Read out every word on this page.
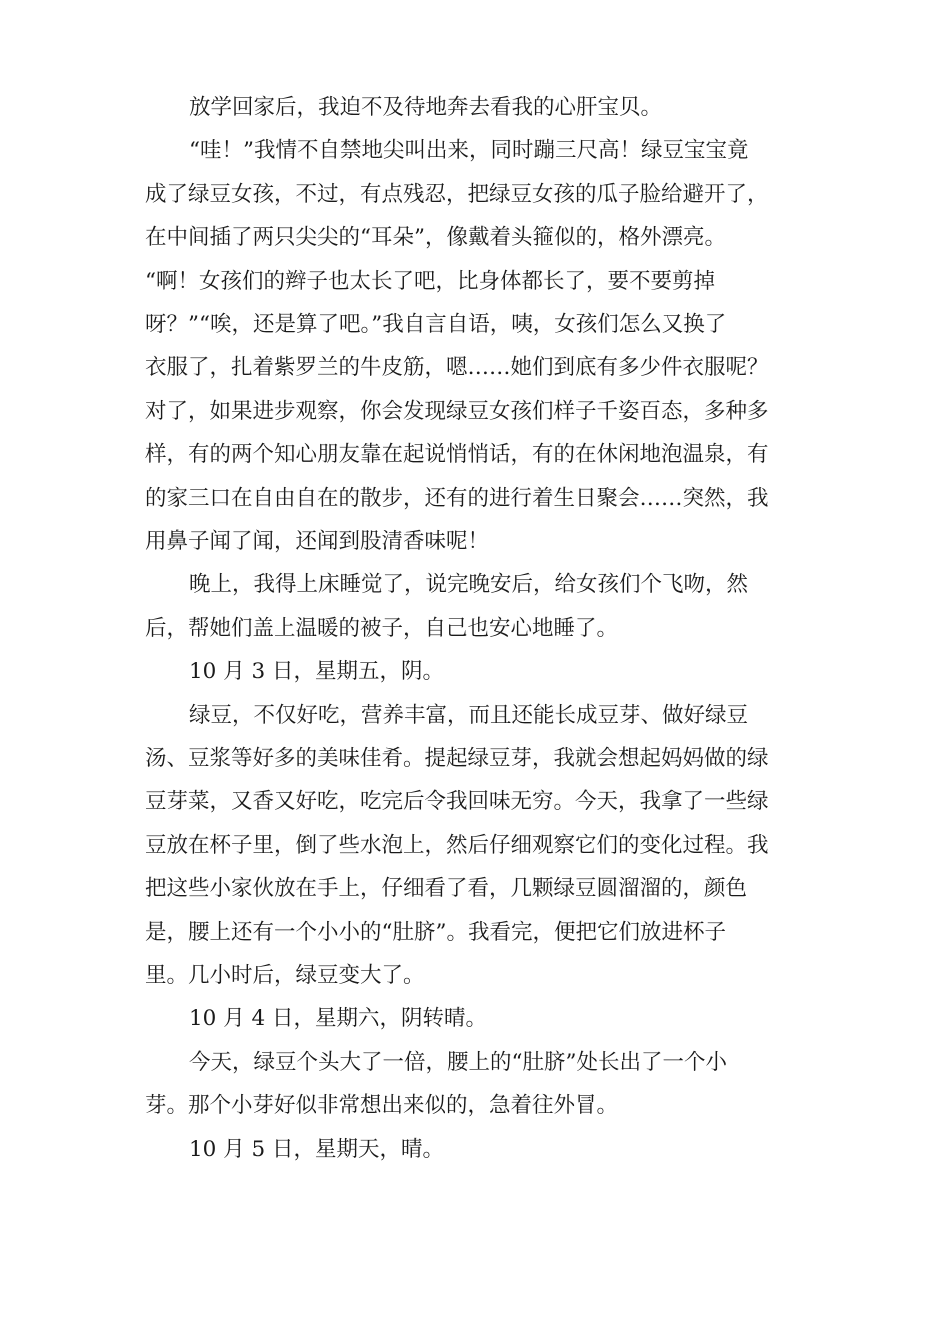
放学回家后，我迫不及待地奔去看我的心肝宝贝。
“哇！”我情不自禁地尖叫出来，同时蹦三尺高！绿豆宝宝竟
成了绿豆女孩，不过，有点残忍，把绿豆女孩的瓜子脸给避开了，
在中间插了两只尖尖的“耳朵”，像戴着头箍似的，格外漂亮。
“啊！女孩们的辫子也太长了吧，比身体都长了，要不要剪掉
呀？”“唉，还是算了吧。”我自言自语，咦，女孩们怎么又换了
衣服了，扎着紫罗兰的牛皮筋，嗯……她们到底有多少件衣服呢？
对了，如果进步观察，你会发现绿豆女孩们样子千姿百态，多种多
样，有的两个知心朋友靠在起说悄悄话，有的在休闲地泡温泉，有
的家三口在自由自在的散步，还有的进行着生日聚会……突然，我
用鼻子闻了闻，还闻到股清香味呢！
晚上，我得上床睡觉了，说完晚安后，给女孩们个飞吻，然
后，帮她们盖上温暖的被子，自己也安心地睡了。
10 月 3 日，星期五，阴。
绿豆，不仅好吃，营养丰富，而且还能长成豆芽、做好绿豆
汤、豆浆等好多的美味佳肴。提起绿豆芽，我就会想起妈妈做的绿
豆芽菜，又香又好吃，吃完后令我回味无穷。今天，我拿了一些绿
豆放在杯子里，倒了些水泡上，然后仔细观察它们的变化过程。我
把这些小家伙放在手上，仔细看了看，几颗绿豆圆溜溜的，颜色
是，腰上还有一个小小的“肚脐”。我看完，便把它们放进杯子
里。几小时后，绿豆变大了。
10 月 4 日，星期六，阴转晴。
今天，绿豆个头大了一倍，腰上的“肚脐”处长出了一个小
芽。那个小芽好似非常想出来似的，急着往外冒。
10 月 5 日，星期天，晴。
